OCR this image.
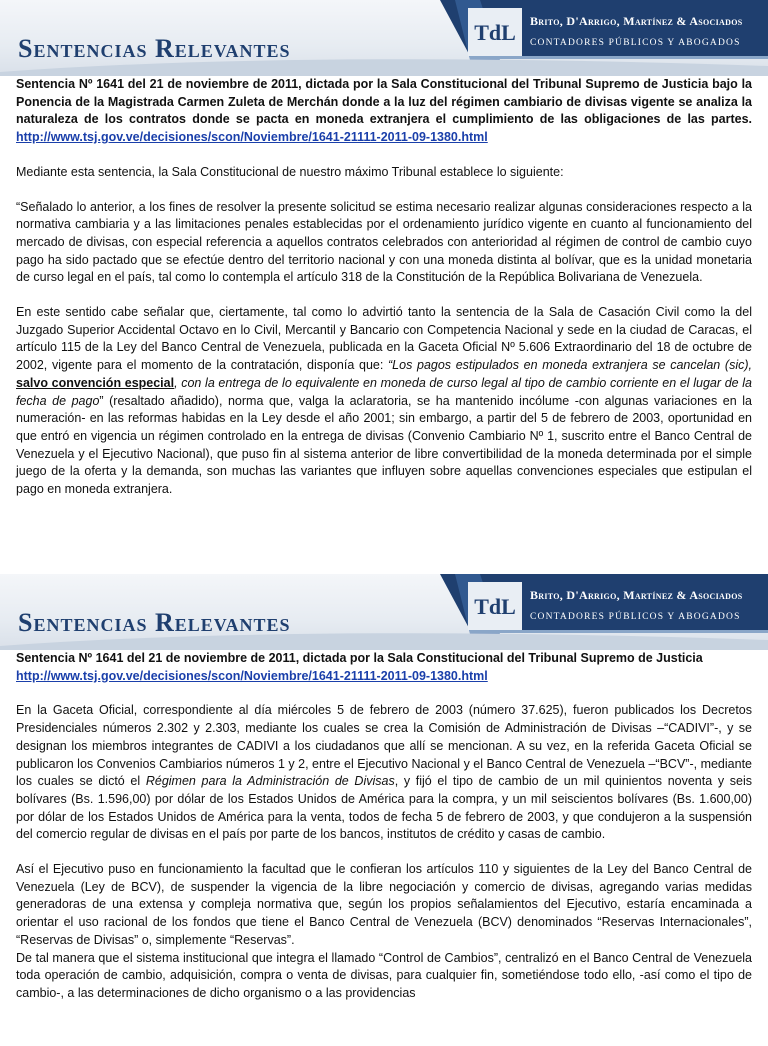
TdL Brito, D'Arrigo, Martínez & Asociados
CONTADORES PÚBLICOS Y ABOGADOS
Sentencias Relevantes

Sentencia Nº 1641 del 21 de noviembre de 2011, dictada por la Sala Constitucional del Tribunal Supremo de Justicia bajo la Ponencia de la Magistrada Carmen Zuleta de Merchán donde a la luz del régimen cambiario de divisas vigente se analiza la naturaleza de los contratos donde se pacta en moneda extranjera el cumplimiento de las obligaciones de las partes. http://www.tsj.gov.ve/decisiones/scon/Noviembre/1641-21111-2011-09-1380.html

Mediante esta sentencia, la Sala Constitucional de nuestro máximo Tribunal establece lo siguiente:

“Señalado lo anterior, a los fines de resolver la presente solicitud se estima necesario realizar algunas consideraciones respecto a la normativa cambiaria y a las limitaciones penales establecidas por el ordenamiento jurídico vigente en cuanto al funcionamiento del mercado de divisas, con especial referencia a aquellos contratos celebrados con anterioridad al régimen de control de cambio cuyo pago ha sido pactado que se efectúe dentro del territorio nacional y con una moneda distinta al bolívar, que es la unidad monetaria de curso legal en el país, tal como lo contempla el artículo 318 de la Constitución de la República Bolivariana de Venezuela.

En este sentido cabe señalar que, ciertamente, tal como lo advirtió tanto la sentencia de la Sala de Casación Civil como la del Juzgado Superior Accidental Octavo en lo Civil, Mercantil y Bancario con Competencia Nacional y sede en la ciudad de Caracas, el artículo 115 de la Ley del Banco Central de Venezuela, publicada en la Gaceta Oficial Nº 5.606 Extraordinario del 18 de octubre de 2002, vigente para el momento de la contratación, disponía que: “Los pagos estipulados en moneda extranjera se cancelan (sic), salvo convención especial, con la entrega de lo equivalente en moneda de curso legal al tipo de cambio corriente en el lugar de la fecha de pago” (resaltado añadido), norma que, valga la aclaratoria, se ha mantenido incólume -con algunas variaciones en la numeración- en las reformas habidas en la Ley desde el año 2001; sin embargo, a partir del 5 de febrero de 2003, oportunidad en que entró en vigencia un régimen controlado en la entrega de divisas (Convenio Cambiario Nº 1, suscrito entre el Banco Central de Venezuela y el Ejecutivo Nacional), que puso fin al sistema anterior de libre convertibilidad de la moneda determinada por el simple juego de la oferta y la demanda, son muchas las variantes que influyen sobre aquellas convenciones especiales que estipulan el pago en moneda extranjera.

TdL Brito, D'Arrigo, Martínez & Asociados
CONTADORES PÚBLICOS Y ABOGADOS
Sentencias Relevantes

Sentencia Nº 1641 del 21 de noviembre de 2011, dictada por la Sala Constitucional del Tribunal Supremo de Justicia
http://www.tsj.gov.ve/decisiones/scon/Noviembre/1641-21111-2011-09-1380.html

En la Gaceta Oficial, correspondiente al día miércoles 5 de febrero de 2003 (número 37.625), fueron publicados los Decretos Presidenciales números 2.302 y 2.303, mediante los cuales se crea la Comisión de Administración de Divisas –“CADIVI”-, y se designan los miembros integrantes de CADIVI a los ciudadanos que allí se mencionan. A su vez, en la referida Gaceta Oficial se publicaron los Convenios Cambiarios números 1 y 2, entre el Ejecutivo Nacional y el Banco Central de Venezuela –“BCV”-, mediante los cuales se dictó el Régimen para la Administración de Divisas, y fijó el tipo de cambio de un mil quinientos noventa y seis bolívares (Bs. 1.596,00) por dólar de los Estados Unidos de América para la compra, y un mil seiscientos bolívares (Bs. 1.600,00) por dólar de los Estados Unidos de América para la venta, todos de fecha 5 de febrero de 2003, y que condujeron a la suspensión del comercio regular de divisas en el país por parte de los bancos, institutos de crédito y casas de cambio.

Así el Ejecutivo puso en funcionamiento la facultad que le confieran los artículos 110 y siguientes de la Ley del Banco Central de Venezuela (Ley de BCV), de suspender la vigencia de la libre negociación y comercio de divisas, agregando varias medidas generadoras de una extensa y compleja normativa que, según los propios señalamientos del Ejecutivo, estaría encaminada a orientar el uso racional de los fondos que tiene el Banco Central de Venezuela (BCV) denominados “Reservas Internacionales”, “Reservas de Divisas” o, simplemente “Reservas”.

De tal manera que el sistema institucional que integra el llamado “Control de Cambios”, centralizó en el Banco Central de Venezuela toda operación de cambio, adquisición, compra o venta de divisas, para cualquier fin, sometiéndose todo ello, -así como el tipo de cambio-, a las determinaciones de dicho organismo o a las providencias
